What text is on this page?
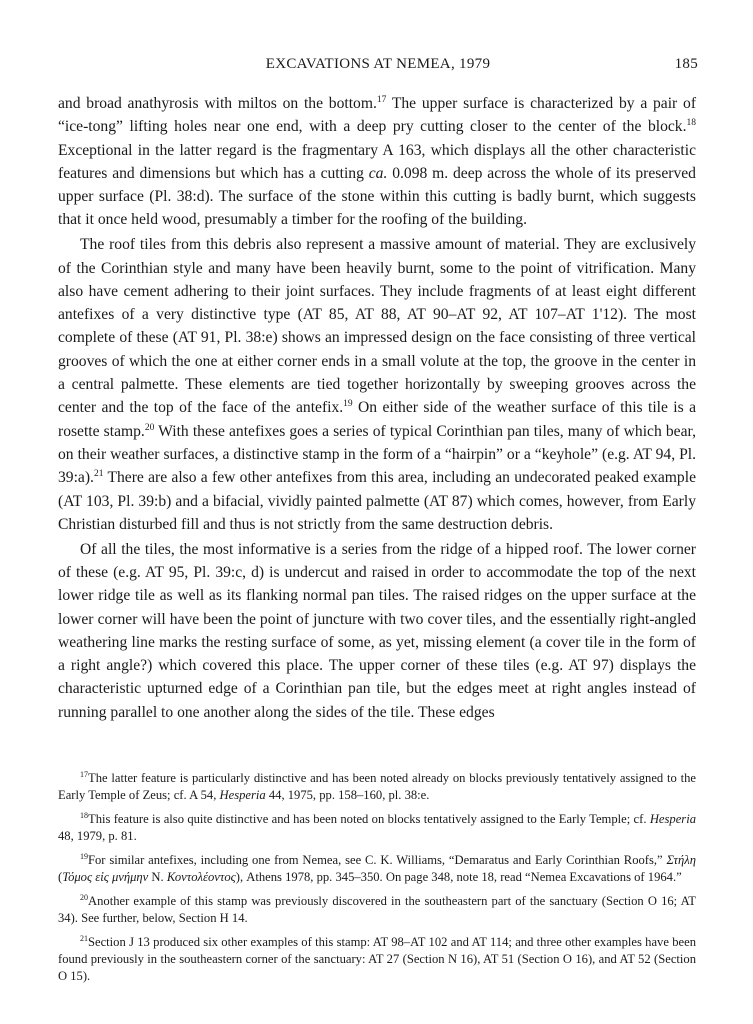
EXCAVATIONS AT NEMEA, 1979	185

and broad anathyrosis with miltos on the bottom.$^{17}$ The upper surface is characterized by a pair of “ice-tong” lifting holes near one end, with a deep pry cutting closer to the center of the block.$^{18}$ Exceptional in the latter regard is the fragmentary A 163, which displays all the other characteristic features and dimensions but which has a cutting ca. 0.098 m. deep across the whole of its preserved upper surface (Pl. 38:d). The surface of the stone within this cutting is badly burnt, which suggests that it once held wood, presumably a timber for the roofing of the building.

The roof tiles from this debris also represent a massive amount of material. They are exclusively of the Corinthian style and many have been heavily burnt, some to the point of vitrification. Many also have cement adhering to their joint surfaces. They include fragments of at least eight different antefixes of a very distinctive type (AT 85, AT 88, AT 90–AT 92, AT 107–AT 1'12). The most complete of these (AT 91, Pl. 38:e) shows an impressed design on the face consisting of three vertical grooves of which the one at either corner ends in a small volute at the top, the groove in the center in a central palmette. These elements are tied together horizontally by sweeping grooves across the center and the top of the face of the antefix.$^{19}$ On either side of the weather surface of this tile is a rosette stamp.$^{20}$ With these antefixes goes a series of typical Corinthian pan tiles, many of which bear, on their weather surfaces, a distinctive stamp in the form of a “hairpin” or a “keyhole” (e.g. AT 94, Pl. 39:a).$^{21}$ There are also a few other antefixes from this area, including an undecorated peaked example (AT 103, Pl. 39:b) and a bifacial, vividly painted palmette (AT 87) which comes, however, from Early Christian disturbed fill and thus is not strictly from the same destruction debris.

Of all the tiles, the most informative is a series from the ridge of a hipped roof. The lower corner of these (e.g. AT 95, Pl. 39:c, d) is undercut and raised in order to accommodate the top of the next lower ridge tile as well as its flanking normal pan tiles. The raised ridges on the upper surface at the lower corner will have been the point of juncture with two cover tiles, and the essentially right-angled weathering line marks the resting surface of some, as yet, missing element (a cover tile in the form of a right angle?) which covered this place. The upper corner of these tiles (e.g. AT 97) displays the characteristic upturned edge of a Corinthian pan tile, but the edges meet at right angles instead of running parallel to one another along the sides of the tile. These edges

$^{17}$The latter feature is particularly distinctive and has been noted already on blocks previously tentatively assigned to the Early Temple of Zeus; cf. A 54, Hesperia 44, 1975, pp. 158–160, pl. 38:e.

$^{18}$This feature is also quite distinctive and has been noted on blocks tentatively assigned to the Early Temple; cf. Hesperia 48, 1979, p. 81.

$^{19}$For similar antefixes, including one from Nemea, see C. K. Williams, “Demaratus and Early Corinthian Roofs,” Στήλη (Τόμος εἰς μνήμην N. Κοντολέοντος), Athens 1978, pp. 345–350. On page 348, note 18, read “Nemea Excavations of 1964.”

$^{20}$Another example of this stamp was previously discovered in the southeastern part of the sanctuary (Section O 16; AT 34). See further, below, Section H 14.

$^{21}$Section J 13 produced six other examples of this stamp: AT 98–AT 102 and AT 114; and three other examples have been found previously in the southeastern corner of the sanctuary: AT 27 (Section N 16), AT 51 (Section O 16), and AT 52 (Section O 15).
